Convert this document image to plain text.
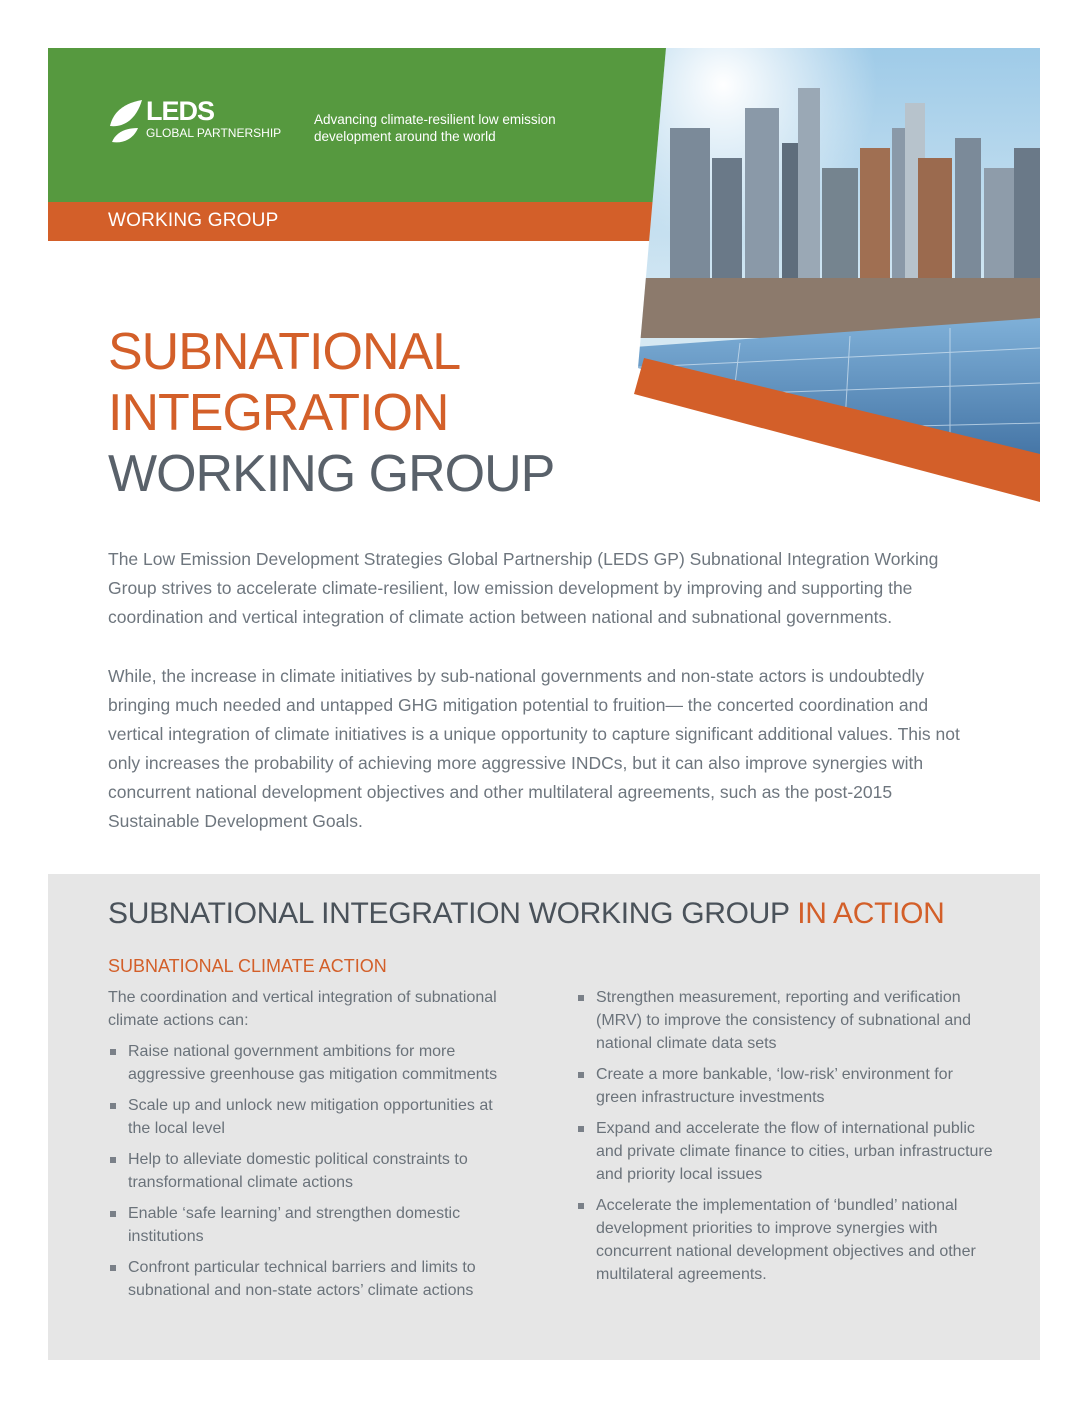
LEDS
GLOBAL PARTNERSHIP
Advancing climate-resilient low emission development around the world
WORKING GROUP
SUBNATIONAL
INTEGRATION
WORKING GROUP

The Low Emission Development Strategies Global Partnership (LEDS GP) Subnational Integration Working Group strives to accelerate climate-resilient, low emission development by improving and supporting the coordination and vertical integration of climate action between national and subnational governments.

While, the increase in climate initiatives by sub-national governments and non-state actors is undoubtedly bringing much needed and untapped GHG mitigation potential to fruition— the concerted coordination and vertical integration of climate initiatives is a unique opportunity to capture significant additional values. This not only increases the probability of achieving more aggressive INDCs, but it can also improve synergies with concurrent national development objectives and other multilateral agreements, such as the post-2015 Sustainable Development Goals.

SUBNATIONAL INTEGRATION WORKING GROUP IN ACTION
SUBNATIONAL CLIMATE ACTION

The coordination and vertical integration of subnational climate actions can:

Raise national government ambitions for more aggressive greenhouse gas mitigation commitments
Scale up and unlock new mitigation opportunities at the local level
Help to alleviate domestic political constraints to transformational climate actions
Enable ‘safe learning’ and strengthen domestic institutions
Confront particular technical barriers and limits to subnational and non-state actors’ climate actions
Strengthen measurement, reporting and verification (MRV) to improve the consistency of subnational and national climate data sets
Create a more bankable, ‘low-risk’ environment for green infrastructure investments
Expand and accelerate the flow of international public and private climate finance to cities, urban infrastructure and priority local issues
Accelerate the implementation of ‘bundled’ national development priorities to improve synergies with concurrent national development objectives and other multilateral agreements.
